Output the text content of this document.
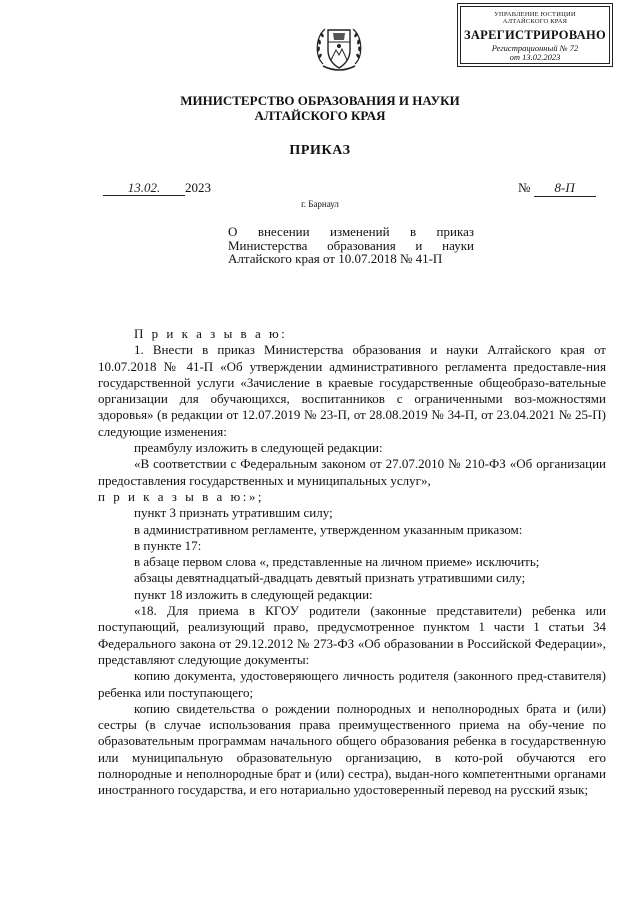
УПРАВЛЕНИЕ ЮСТИЦИИ
АЛТАЙСКОГО КРАЯ
ЗАРЕГИСТРИРОВАНО
Регистрационный № 72
от 13.02.2023
МИНИСТЕРСТВО ОБРАЗОВАНИЯ И НАУКИ
АЛТАЙСКОГО КРАЯ
ПРИКАЗ
13.02. 2023	№ 8-П
г. Барнаул
О внесении изменений в приказ Министерства образования и науки Алтайского края от 10.07.2018 № 41-П

П р и к а з ы в а ю:

1. Внести в приказ Министерства образования и науки Алтайского края от 10.07.2018 № 41-П «Об утверждении административного регламента предоставле-ния государственной услуги «Зачисление в краевые государственные общеобразо-вательные организации для обучающихся, воспитанников с ограниченными воз-можностями здоровья» (в редакции от 12.07.2019 № 23-П, от 28.08.2019 № 34-П, от 23.04.2021 № 25-П) следующие изменения:

преамбулу изложить в следующей редакции:

«В соответствии с Федеральным законом от 27.07.2010 № 210-ФЗ «Об организации предоставления государственных и муниципальных услуг»,

п р и к а з ы в а ю:»;

пункт 3 признать утратившим силу;

в административном регламенте, утвержденном указанным приказом:

в пункте 17:

в абзаце первом слова «, представленные на личном приеме» исключить;

абзацы девятнадцатый-двадцать девятый признать утратившими силу;

пункт 18 изложить в следующей редакции:

«18. Для приема в КГОУ родители (законные представители) ребенка или поступающий, реализующий право, предусмотренное пунктом 1 части 1 статьи 34 Федерального закона от 29.12.2012 № 273-ФЗ «Об образовании в Российской Федерации», представляют следующие документы:

копию документа, удостоверяющего личность родителя (законного пред-ставителя) ребенка или поступающего;

копию свидетельства о рождении полнородных и неполнородных брата и (или) сестры (в случае использования права преимущественного приема на обу-чение по образовательным программам начального общего образования ребенка в государственную или муниципальную образовательную организацию, в кото-рой обучаются его полнородные и неполнородные брат и (или) сестра), выдан-ного компетентными органами иностранного государства, и его нотариально удостоверенный перевод на русский язык;
